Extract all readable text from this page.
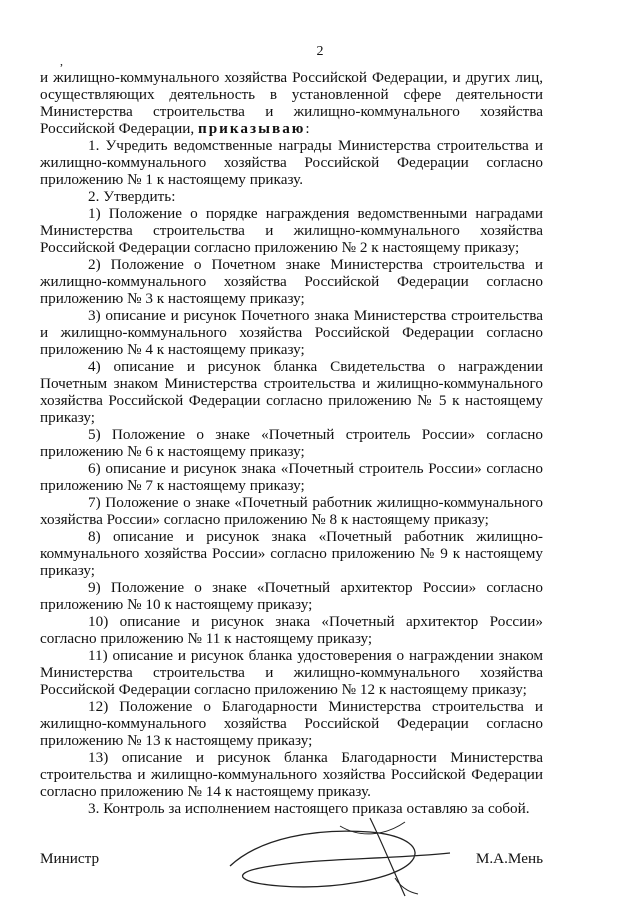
2
,

и жилищно-коммунального хозяйства Российской Федерации, и других лиц, осуществляющих деятельность в установленной сфере деятельности Министерства строительства и жилищно-коммунального хозяйства Российской Федерации, приказываю:

1. Учредить ведомственные награды Министерства строительства и жилищно-коммунального хозяйства Российской Федерации согласно приложению № 1 к настоящему приказу.

2. Утвердить:

1) Положение о порядке награждения ведомственными наградами Министерства строительства и жилищно-коммунального хозяйства Российской Федерации согласно приложению № 2 к настоящему приказу;

2) Положение о Почетном знаке Министерства строительства и жилищно-коммунального хозяйства Российской Федерации согласно приложению № 3 к настоящему приказу;

3) описание и рисунок Почетного знака Министерства строительства и жилищно-коммунального хозяйства Российской Федерации согласно приложению № 4 к настоящему приказу;

4) описание и рисунок бланка Свидетельства о награждении Почетным знаком Министерства строительства и жилищно-коммунального хозяйства Российской Федерации согласно приложению № 5 к настоящему приказу;

5) Положение о знаке «Почетный строитель России» согласно приложению № 6 к настоящему приказу;

6) описание и рисунок знака «Почетный строитель России» согласно приложению № 7 к настоящему приказу;

7) Положение о знаке «Почетный работник жилищно-коммунального хозяйства России» согласно приложению № 8 к настоящему приказу;

8) описание и рисунок знака «Почетный работник жилищно-коммунального хозяйства России» согласно приложению № 9 к настоящему приказу;

9) Положение о знаке «Почетный архитектор России» согласно приложению № 10 к настоящему приказу;

10) описание и рисунок знака «Почетный архитектор России» согласно приложению № 11 к настоящему приказу;

11) описание и рисунок бланка удостоверения о награждении знаком Министерства строительства и жилищно-коммунального хозяйства Российской Федерации согласно приложению № 12 к настоящему приказу;

12) Положение о Благодарности Министерства строительства и жилищно-коммунального хозяйства Российской Федерации согласно приложению № 13 к настоящему приказу;

13) описание и рисунок бланка Благодарности Министерства строительства и жилищно-коммунального хозяйства Российской Федерации согласно приложению № 14 к настоящему приказу.

3. Контроль за исполнением настоящего приказа оставляю за собой.

Министр	М.А.Мень
